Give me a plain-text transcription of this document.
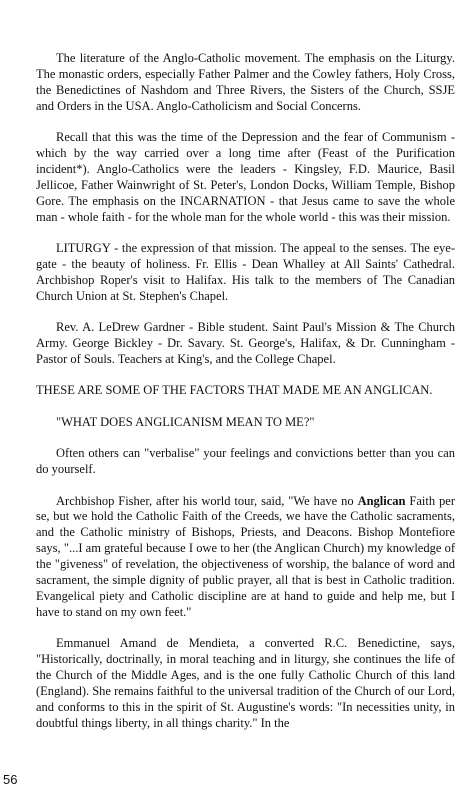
The literature of the Anglo-Catholic movement. The emphasis on the Liturgy. The monastic orders, especially Father Palmer and the Cowley fathers, Holy Cross, the Benedictines of Nashdom and Three Rivers, the Sisters of the Church, SSJE and Orders in the USA. Anglo-Catholicism and Social Concerns.

Recall that this was the time of the Depression and the fear of Communism - which by the way carried over a long time after (Feast of the Purification incident*). Anglo-Catholics were the leaders - Kingsley, F.D. Maurice, Basil Jellicoe, Father Wainwright of St. Peter's, London Docks, William Temple, Bishop Gore. The emphasis on the INCARNATION - that Jesus came to save the whole man - whole faith - for the whole man for the whole world - this was their mission.

LITURGY - the expression of that mission. The appeal to the senses. The eye-gate - the beauty of holiness. Fr. Ellis - Dean Whalley at All Saints' Cathedral. Archbishop Roper's visit to Halifax. His talk to the members of The Canadian Church Union at St. Stephen's Chapel.

Rev. A. LeDrew Gardner - Bible student. Saint Paul's Mission & The Church Army. George Bickley - Dr. Savary. St. George's, Halifax, & Dr. Cunningham - Pastor of Souls. Teachers at King's, and the College Chapel.

THESE ARE SOME OF THE FACTORS THAT MADE ME AN ANGLICAN.

"WHAT DOES ANGLICANISM MEAN TO ME?"

Often others can "verbalise" your feelings and convictions better than you can do yourself.

Archbishop Fisher, after his world tour, said, "We have no Anglican Faith per se, but we hold the Catholic Faith of the Creeds, we have the Catholic sacraments, and the Catholic ministry of Bishops, Priests, and Deacons. Bishop Montefiore says, "...I am grateful because I owe to her (the Anglican Church) my knowledge of the "giveness" of revelation, the objectiveness of worship, the balance of word and sacrament, the simple dignity of public prayer, all that is best in Catholic tradition. Evangelical piety and Catholic discipline are at hand to guide and help me, but I have to stand on my own feet."

Emmanuel Amand de Mendieta, a converted R.C. Benedictine, says, "Historically, doctrinally, in moral teaching and in liturgy, she continues the life of the Church of the Middle Ages, and is the one fully Catholic Church of this land (England). She remains faithful to the universal tradition of the Church of our Lord, and conforms to this in the spirit of St. Augustine's words: "In necessities unity, in doubtful things liberty, in all things charity." In the

56
